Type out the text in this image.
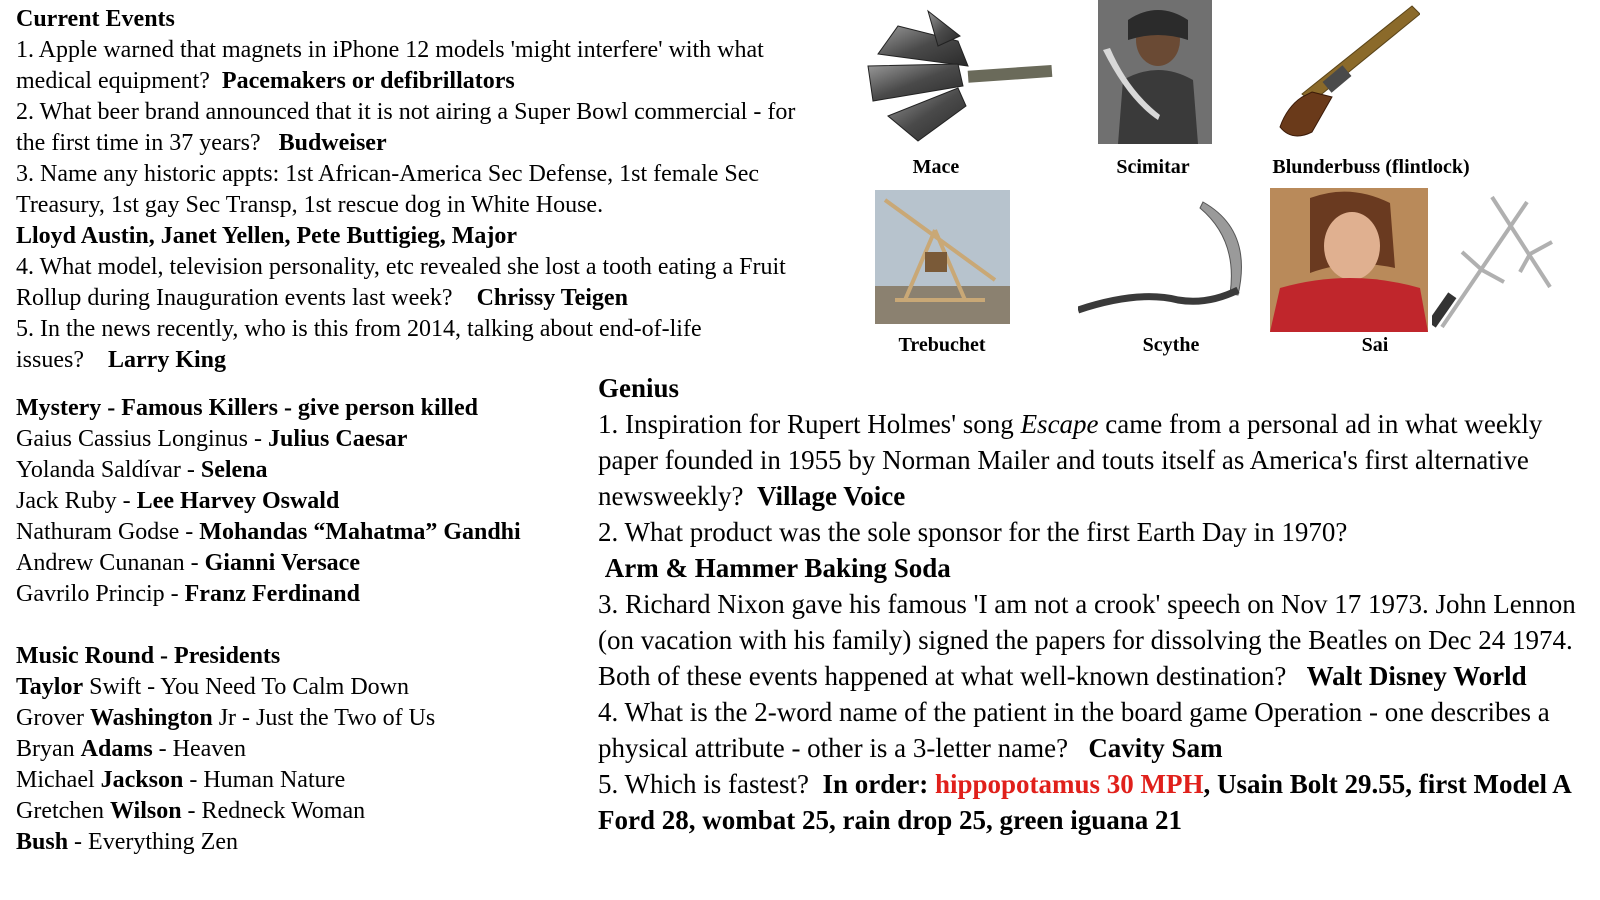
Current Events

1. Apple warned that magnets in iPhone 12 models 'might interfere' with what medical equipment? Pacemakers or defibrillators

2. What beer brand announced that it is not airing a Super Bowl commercial - for the first time in 37 years? Budweiser

3. Name any historic appts: 1st African-America Sec Defense, 1st female Sec Treasury, 1st gay Sec Transp, 1st rescue dog in White House.

Lloyd Austin, Janet Yellen, Pete Buttigieg, Major

4. What model, television personality, etc revealed she lost a tooth eating a Fruit Rollup during Inauguration events last week? Chrissy Teigen

5. In the news recently, who is this from 2014, talking about end-of-life issues? Larry King

Mystery - Famous Killers - give person killed

Gaius Cassius Longinus - Julius Caesar

Yolanda Saldívar - Selena

Jack Ruby - Lee Harvey Oswald

Nathuram Godse - Mohandas “Mahatma” Gandhi

Andrew Cunanan - Gianni Versace

Gavrilo Princip - Franz Ferdinand

Music Round - Presidents

Taylor Swift - You Need To Calm Down

Grover Washington Jr - Just the Two of Us

Bryan Adams - Heaven

Michael Jackson - Human Nature

Gretchen Wilson - Redneck Woman

Bush - Everything Zen

Genius

1. Inspiration for Rupert Holmes' song Escape came from a personal ad in what weekly paper founded in 1955 by Norman Mailer and touts itself as America's first alternative newsweekly? Village Voice

2. What product was the sole sponsor for the first Earth Day in 1970?

Arm & Hammer Baking Soda

3. Richard Nixon gave his famous 'I am not a crook' speech on Nov 17 1973. John Lennon (on vacation with his family) signed the papers for dissolving the Beatles on Dec 24 1974. Both of these events happened at what well-known destination? Walt Disney World

4. What is the 2-word name of the patient in the board game Operation - one describes a physical attribute - other is a 3-letter name? Cavity Sam

5. Which is fastest? In order: hippopotamus 30 MPH, Usain Bolt 29.55, first Model A Ford 28, wombat 25, rain drop 25, green iguana 21

Mace	Scimitar	Blunderbuss (flintlock)
Trebuchet	Scythe	Sai
